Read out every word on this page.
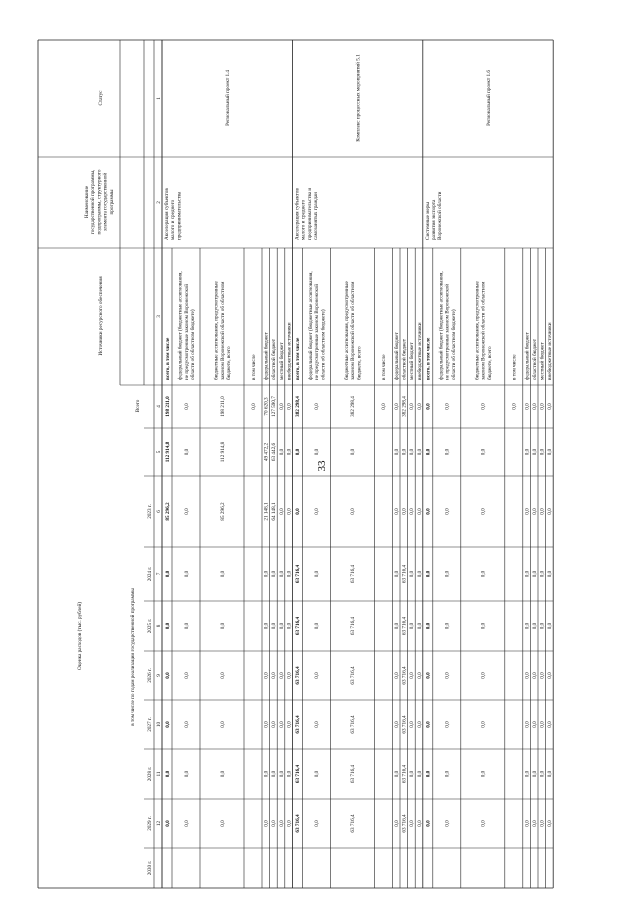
33
Региональный проект 1.4
Акселерация субъектовмалого и среднегопредпринимательства
всего, в том числе
198 211,0
112 914,8
85 296,2
0,0
0,0
0,0
0,0
0,0
0,0
федеральный бюджет (бюджетные ассигнования,не предусмотренные законом Воронежскойобласти об областном бюджете)
0,0
0,0
0,0
0,0
0,0
0,0
0,0
0,0
0,0
бюджетные ассигнования, предусмотренныезаконом Воронежской области об областномбюджете, всего
198 211,0
112 914,8
85 296,2
0,0
0,0
0,0
0,0
0,0
0,0
в том числе
0,0
федеральный бюджет
70 620,3
49 472,2
21 148,1
0,0
0,0
0,0
0,0
0,0
0,0
областной бюджет
127 590,7
63 442,6
64 148,1
0,0
0,0
0,0
0,0
0,0
0,0
местный бюджет
0,0
0,0
0,0
0,0
0,0
0,0
0,0
0,0
0,0
внебюджетные источники
0,0
0,0
0,0
0,0
0,0
0,0
0,0
0,0
0,0
Комплекс процессных мероприятий 5.1
Акселерация субъектовмалого и среднегопредпринимательства исамозанятых граждан
всего, в том числе
382 298,4
0,0
0,0
63 716,4
63 716,4
63 716,4
63 716,4
63 716,4
63 716,4
федеральный бюджет (бюджетные ассигнования,не предусмотренные законом Воронежскойобласти об областном бюджете)
0,0
0,0
0,0
0,0
0,0
0,0
0,0
0,0
0,0
бюджетные ассигнования, предусмотренныезаконом Воронежской области об областномбюджете, всего
382 298,4
0,0
0,0
63 716,4
63 716,4
63 716,4
63 716,4
63 716,4
63 716,4
в том числе
0,0
федеральный бюджет
0,0
0,0
0,0
0,0
0,0
0,0
0,0
0,0
0,0
областной бюджет
382 298,4
0,0
0,0
63 716,4
63 716,4
63 716,4
63 716,4
63 716,4
63 716,4
местный бюджет
0,0
0,0
0,0
0,0
0,0
0,0
0,0
0,0
0,0
внебюджетные источники
0,0
0,0
0,0
0,0
0,0
0,0
0,0
0,0
0,0
Региональный проект 1.6
Системные мерыразвития экспортаВоронежской области
всего, в том числе
0,0
0,0
0,0
0,0
0,0
0,0
0,0
0,0
0,0
федеральный бюджет (бюджетные ассигнования,не предусмотренные законом Воронежскойобласти об областном бюджете)
0,0
0,0
0,0
0,0
0,0
0,0
0,0
0,0
0,0
бюджетные ассигнования, предусмотренныезаконом Воронежской области об областномбюджете, всего
0,0
0,0
0,0
0,0
0,0
0,0
0,0
0,0
0,0
в том числе
0,0
федеральный бюджет
0,0
0,0
0,0
0,0
0,0
0,0
0,0
0,0
0,0
областной бюджет
0,0
0,0
0,0
0,0
0,0
0,0
0,0
0,0
0,0
местный бюджет
0,0
0,0
0,0
0,0
0,0
0,0
0,0
0,0
0,0
внебюджетные источники
0,0
0,0
0,0
0,0
0,0
0,0
0,0
0,0
0,0
Статус
Наименованиегосударственной программы,подпрограммы, структурногоэлемента государственнойпрограммы
Источники ресурсного обеспечения
Оценка расходов (тыс. рублей)
Всего
в том числе по годам реализации государственной программы
2023 г.
2024 г.
2025 г.
2026 г.
2027 г.
2028 г.
2029 г.
2030 г.
1
2
3
4
5
6
7
8
9
10
11
12
